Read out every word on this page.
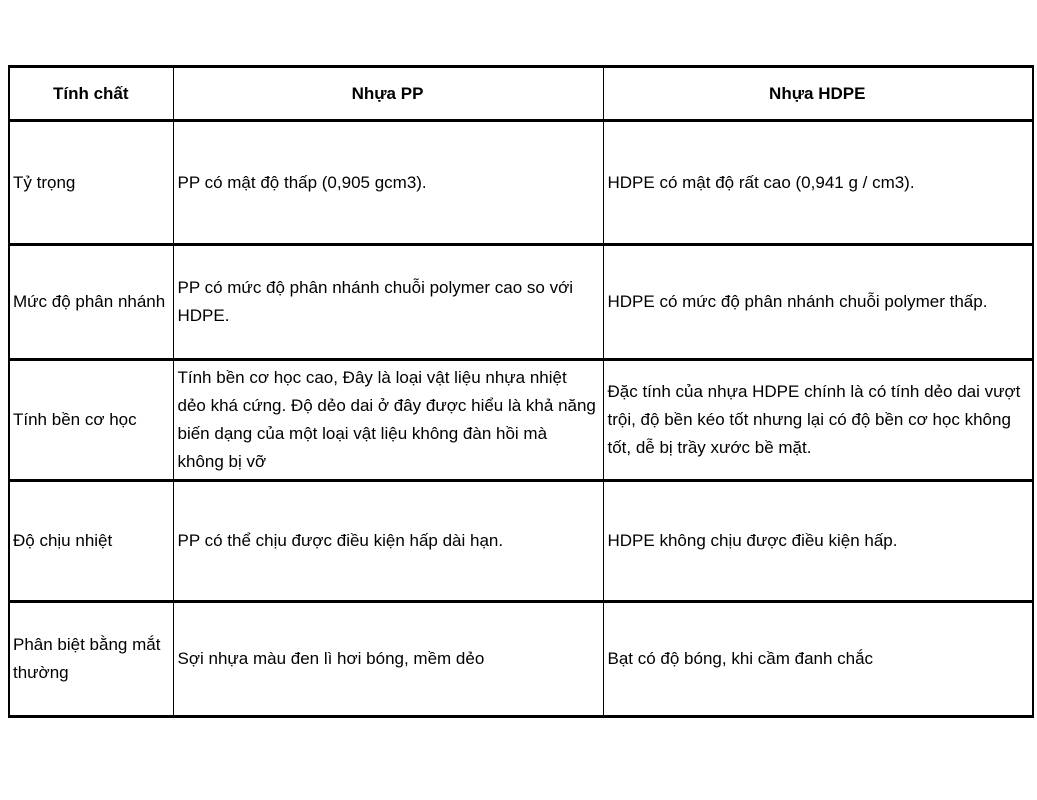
Tính chất	Nhựa PP	Nhựa HDPE
Tỷ trọng	PP có mật độ thấp (0,905 gcm3).	HDPE có mật độ rất cao (0,941 g / cm3).
Mức độ phân nhánh	PP có mức độ phân nhánh chuỗi polymer cao so với HDPE.	HDPE có mức độ phân nhánh chuỗi polymer thấp.
Tính bền cơ học	Tính bền cơ học cao, Đây là loại vật liệu nhựa nhiệt dẻo khá cứng. Độ dẻo dai ở đây được hiểu là khả năng biến dạng của một loại vật liệu không đàn hồi mà không bị vỡ	Đặc tính của nhựa HDPE chính là có tính dẻo dai vượt trội, độ bền kéo tốt nhưng lại có độ bền cơ học không tốt, dễ bị trầy xước bề mặt.
Độ chịu nhiệt	PP có thể chịu được điều kiện hấp dài hạn.	HDPE không chịu được điều kiện hấp.
Phân biệt bằng mắt thường	Sợi nhựa màu đen lì hơi bóng, mềm dẻo	Bạt có độ bóng, khi cầm đanh chắc
